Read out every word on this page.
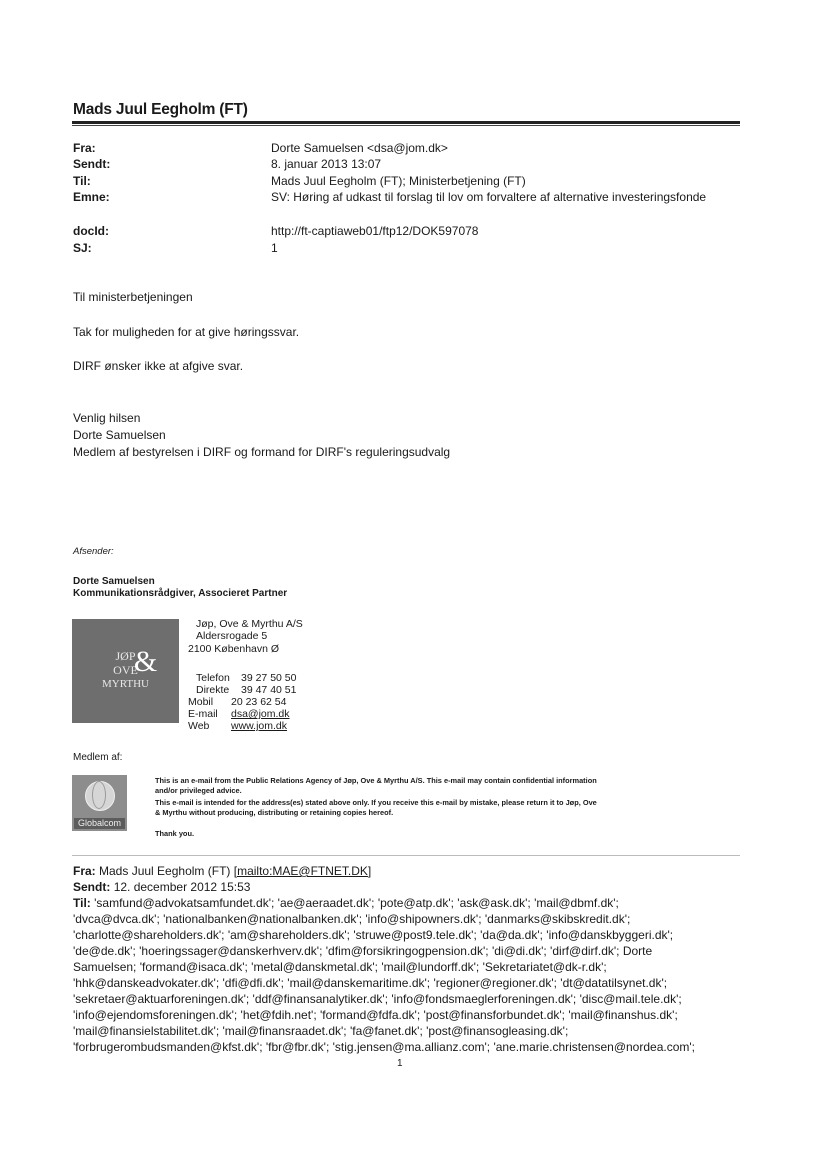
Mads Juul Eegholm (FT)
Fra:	Dorte Samuelsen <dsa@jom.dk>
Sendt:	8. januar 2013 13:07
Til:	Mads Juul Eegholm (FT); Ministerbetjening (FT)
Emne:	SV: Høring af udkast til forslag til lov om forvaltere af alternative investeringsfonde
docId:	http://ft-captiaweb01/ftp12/DOK597078
SJ:	1
Til ministerbetjeningen
Tak for muligheden for at give høringssvar.
DIRF ønsker ikke at afgive svar.
Venlig hilsen
Dorte Samuelsen
Medlem af bestyrelsen i DIRF og formand for DIRF's reguleringsudvalg
Afsender:
Dorte Samuelsen
Kommunikationsrådgiver, Associeret Partner
JØP
OVE
MYRTHU
&
Jøp, Ove & Myrthu A/S
Aldersrogade 5
2100 København Ø
Telefon 39 27 50 50
Direkte 39 47 40 51
Mobil 20 23 62 54
E-mail dsa@jom.dk
Web www.jom.dk
Medlem af:
Globalcom
This is an e-mail from the Public Relations Agency of Jøp, Ove & Myrthu A/S. This e-mail may contain confidential information
and/or privileged advice.
This e-mail is intended for the address(es) stated above only. If you receive this e-mail by mistake, please return it to Jøp, Ove
& Myrthu without producing, distributing or retaining copies hereof.
Thank you.
Fra: Mads Juul Eegholm (FT) [mailto:MAE@FTNET.DK]
Sendt: 12. december 2012 15:53
Til: 'samfund@advokatsamfundet.dk'; 'ae@aeraadet.dk'; 'pote@atp.dk'; 'ask@ask.dk'; 'mail@dbmf.dk';
'dvca@dvca.dk'; 'nationalbanken@nationalbanken.dk'; 'info@shipowners.dk'; 'danmarks@skibskredit.dk';
'charlotte@shareholders.dk'; 'am@shareholders.dk'; 'struwe@post9.tele.dk'; 'da@da.dk'; 'info@danskbyggeri.dk';
'de@de.dk'; 'hoeringssager@danskerhverv.dk'; 'dfim@forsikringogpension.dk'; 'di@di.dk'; 'dirf@dirf.dk'; Dorte
Samuelsen; 'formand@isaca.dk'; 'metal@danskmetal.dk'; 'mail@lundorff.dk'; 'Sekretariatet@dk-r.dk';
'hhk@danskeadvokater.dk'; 'dfi@dfi.dk'; 'mail@danskemaritime.dk'; 'regioner@regioner.dk'; 'dt@datatilsynet.dk';
'sekretaer@aktuarforeningen.dk'; 'ddf@finansanalytiker.dk'; 'info@fondsmaeglerforeningen.dk'; 'disc@mail.tele.dk';
'info@ejendomsforeningen.dk'; 'het@fdih.net'; 'formand@fdfa.dk'; 'post@finansforbundet.dk'; 'mail@finanshus.dk';
'mail@finansielstabilitet.dk'; 'mail@finansraadet.dk'; 'fa@fanet.dk'; 'post@finansogleasing.dk';
'forbrugerombudsmanden@kfst.dk'; 'fbr@fbr.dk'; 'stig.jensen@ma.allianz.com'; 'ane.marie.christensen@nordea.com';
1
